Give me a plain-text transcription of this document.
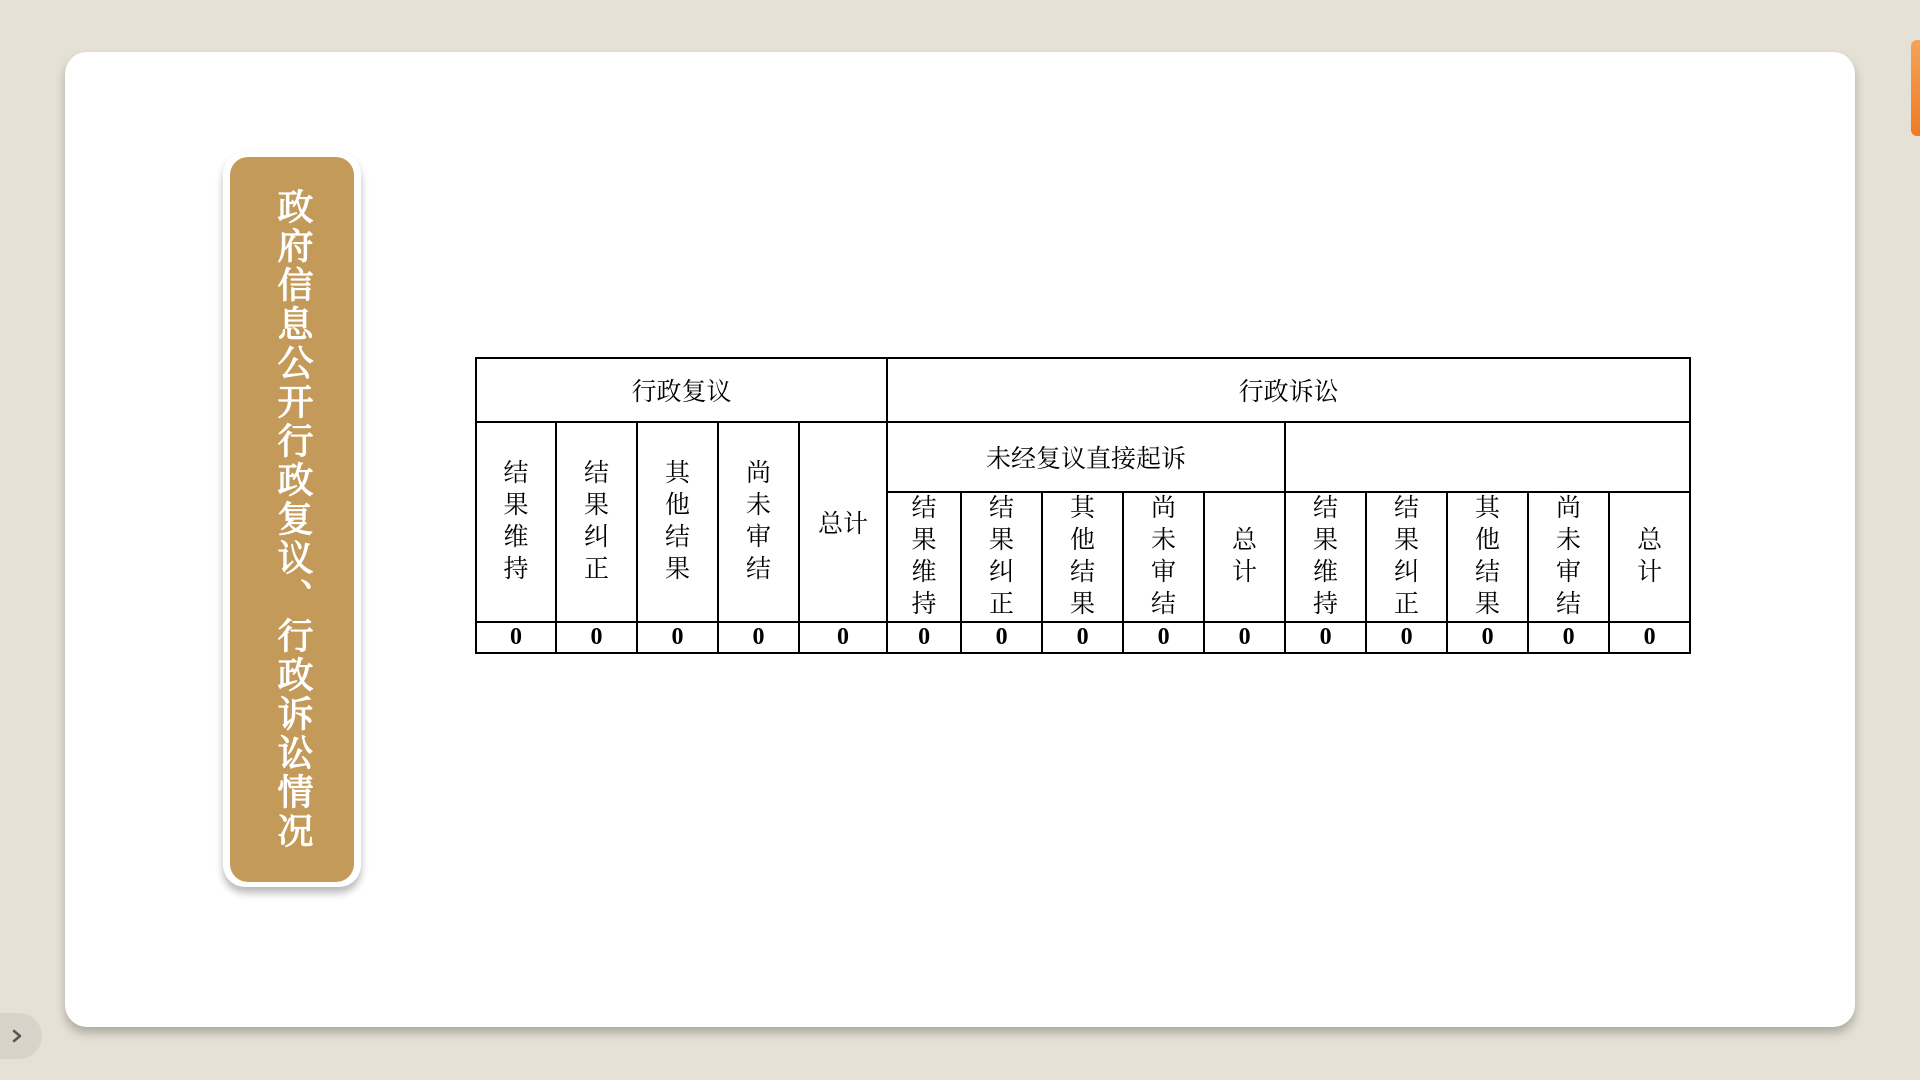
政府信息公开行政复议、行政诉讼情况	行政复议					行政诉讼									
结果维持	结果纠正	其他结果	尚未审结	总计	未经复议直接起诉									
					结果维持	结果纠正	其他结果	尚未审结	总计	结果维持	结果纠正	其他结果	尚未审结	总计
0	0	0	0	0	0	0	0	0	0	0	0	0	0	0
